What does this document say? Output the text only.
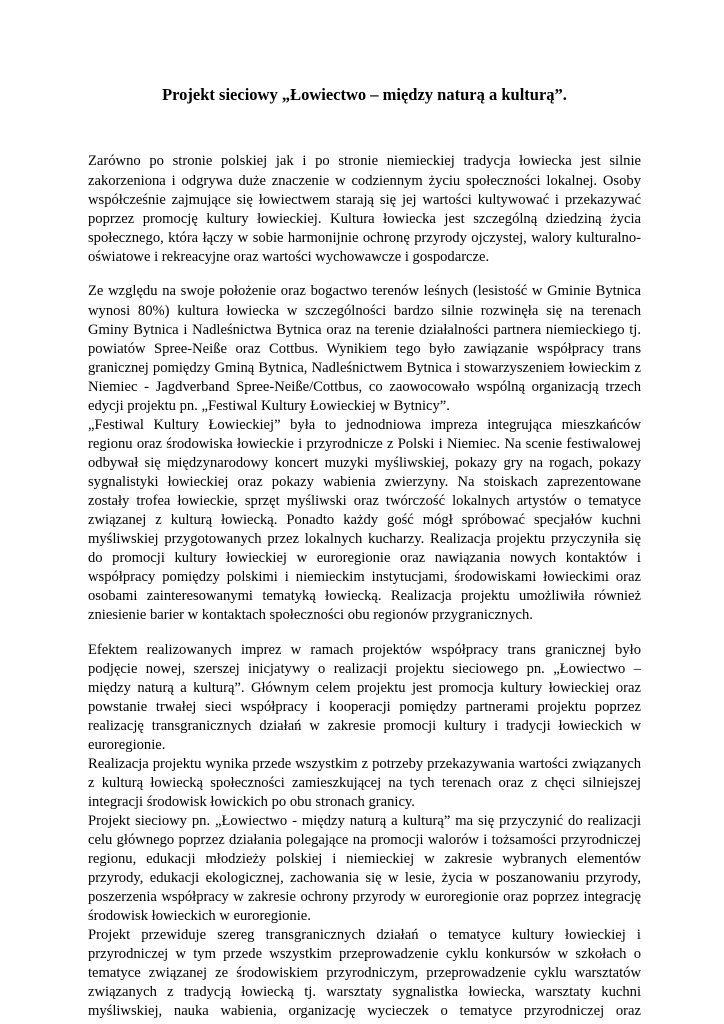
Projekt sieciowy „Łowiectwo – między naturą a kulturą”.
Zarówno po stronie polskiej jak i po stronie niemieckiej tradycja łowiecka jest silnie
zakorzeniona i odgrywa duże znaczenie w codziennym życiu społeczności lokalnej. Osoby
współcześnie zajmujące się łowiectwem starają się jej wartości kultywować i przekazywać
poprzez promocję kultury łowieckiej. Kultura łowiecka jest szczególną dziedziną życia
społecznego, która łączy w sobie harmonijnie ochronę przyrody ojczystej, walory kulturalno-
oświatowe i rekreacyjne oraz wartości wychowawcze i gospodarcze.
Ze względu na swoje położenie oraz bogactwo terenów leśnych (lesistość w Gminie Bytnica
wynosi 80%) kultura łowiecka w szczególności bardzo silnie rozwinęła się na terenach
Gminy Bytnica i Nadleśnictwa Bytnica oraz na terenie działalności partnera niemieckiego tj.
powiatów Spree-Neiße oraz Cottbus. Wynikiem tego było zawiązanie współpracy trans
granicznej pomiędzy Gminą Bytnica, Nadleśnictwem Bytnica i stowarzyszeniem łowieckim z
Niemiec - Jagdverband Spree-Neiße/Cottbus, co zaowocowało wspólną organizacją trzech
edycji projektu pn. „Festiwal Kultury Łowieckiej w Bytnicy”.
„Festiwal Kultury Łowieckiej” była to jednodniowa impreza integrująca mieszkańców
regionu oraz środowiska łowieckie i przyrodnicze z Polski i Niemiec. Na scenie festiwalowej
odbywał się międzynarodowy koncert muzyki myśliwskiej, pokazy gry na rogach, pokazy
sygnalistyki łowieckiej oraz pokazy wabienia zwierzyny. Na stoiskach zaprezentowane
zostały trofea łowieckie, sprzęt myśliwski oraz twórczość lokalnych artystów o tematyce
związanej z kulturą łowiecką. Ponadto każdy gość mógł spróbować specjałów kuchni
myśliwskiej przygotowanych przez lokalnych kucharzy. Realizacja projektu przyczyniła się
do promocji kultury łowieckiej w euroregionie oraz nawiązania nowych kontaktów i
współpracy pomiędzy polskimi i niemieckim instytucjami, środowiskami łowieckimi oraz
osobami zainteresowanymi tematyką łowiecką. Realizacja projektu umożliwiła również
zniesienie barier w kontaktach społeczności obu regionów przygranicznych.
Efektem realizowanych imprez w ramach projektów współpracy trans granicznej było
podjęcie nowej, szerszej inicjatywy o realizacji projektu sieciowego pn. „Łowiectwo –
między naturą a kulturą”. Głównym celem projektu jest promocja kultury łowieckiej oraz
powstanie trwałej sieci współpracy i kooperacji pomiędzy partnerami projektu poprzez
realizację transgranicznych działań w zakresie promocji kultury i tradycji łowieckich w
euroregionie.
Realizacja projektu wynika przede wszystkim z potrzeby przekazywania wartości związanych
z kulturą łowiecką społeczności zamieszkującej na tych terenach oraz z chęci silniejszej
integracji środowisk łowickich po obu stronach granicy.
Projekt sieciowy pn. „Łowiectwo - między naturą a kulturą” ma się przyczynić do realizacji
celu głównego poprzez działania polegające na promocji walorów i tożsamości przyrodniczej
regionu, edukacji młodzieży polskiej i niemieckiej w zakresie wybranych elementów
przyrody, edukacji ekologicznej, zachowania się w lesie, życia w poszanowaniu przyrody,
poszerzenia współpracy w zakresie ochrony przyrody w euroregionie oraz poprzez integrację
środowisk łowieckich w euroregionie.
Projekt przewiduje szereg transgranicznych działań o tematyce kultury łowieckiej i
przyrodniczej w tym przede wszystkim przeprowadzenie cyklu konkursów w szkołach o
tematyce związanej ze środowiskiem przyrodniczym, przeprowadzenie cyklu warsztatów
związanych z tradycją łowiecką tj. warsztaty sygnalistka łowiecka, warsztaty kuchni
myśliwskiej, nauka wabienia, organizację wycieczek o tematyce przyrodniczej oraz
